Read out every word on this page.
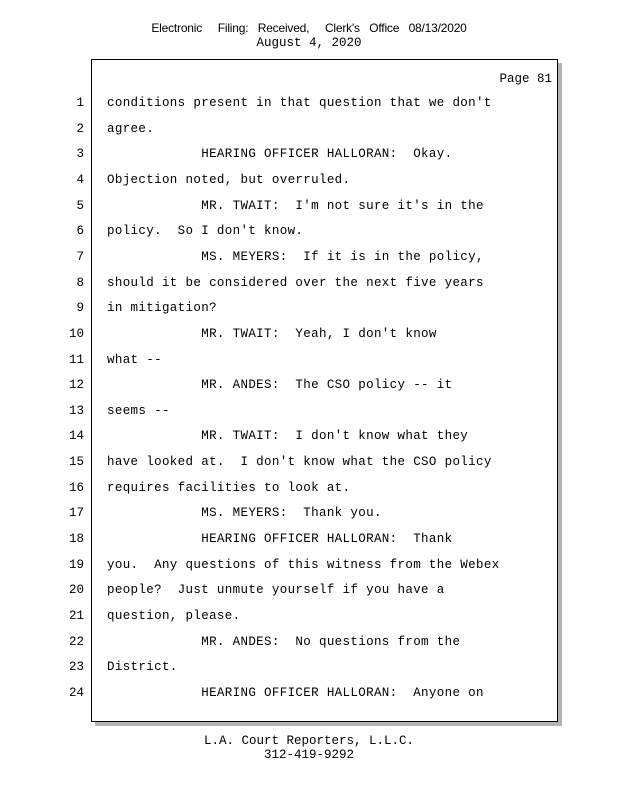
Electronic     Filing:   Received,     Clerk's   Office   08/13/2020
August 4, 2020
Page 81
1 conditions present in that question that we don't
2 agree.
3 HEARING OFFICER HALLORAN:  Okay.
4 Objection noted, but overruled.
5 MR. TWAIT:  I'm not sure it's in the
6 policy.  So I don't know.
7 MS. MEYERS:  If it is in the policy,
8 should it be considered over the next five years
9 in mitigation?
10 MR. TWAIT:  Yeah, I don't know
11 what --
12 MR. ANDES:  The CSO policy -- it
13 seems --
14 MR. TWAIT:  I don't know what they
15 have looked at.  I don't know what the CSO policy
16 requires facilities to look at.
17 MS. MEYERS:  Thank you.
18 HEARING OFFICER HALLORAN:  Thank
19 you.  Any questions of this witness from the Webex
20 people?  Just unmute yourself if you have a
21 question, please.
22 MR. ANDES:  No questions from the
23 District.
24 HEARING OFFICER HALLORAN:  Anyone on
L.A. Court Reporters, L.L.C.
312-419-9292
